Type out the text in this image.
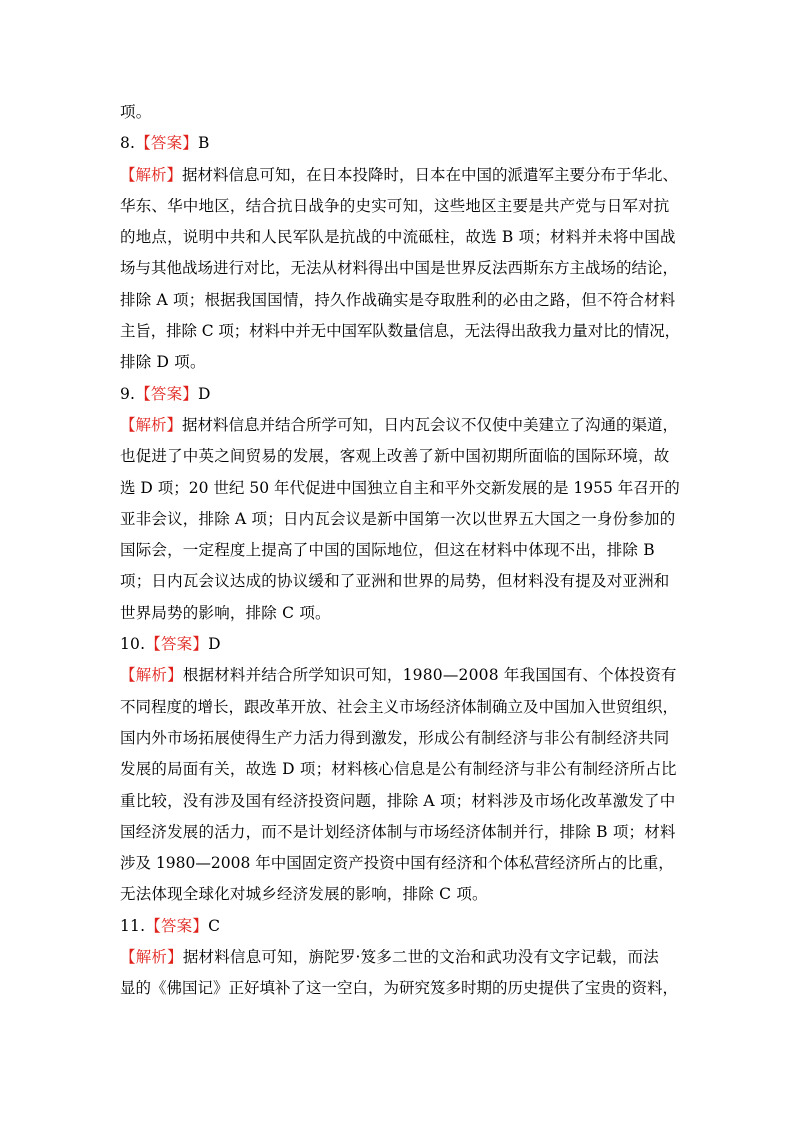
项。
8.【答案】B
【解析】据材料信息可知，在日本投降时，日本在中国的派遣军主要分布于华北、
华东、华中地区，结合抗日战争的史实可知，这些地区主要是共产党与日军对抗
的地点，说明中共和人民军队是抗战的中流砥柱，故选 B 项；材料并未将中国战
场与其他战场进行对比，无法从材料得出中国是世界反法西斯东方主战场的结论，
排除 A 项；根据我国国情，持久作战确实是夺取胜利的必由之路，但不符合材料
主旨，排除 C 项；材料中并无中国军队数量信息，无法得出敌我力量对比的情况，
排除 D 项。
9.【答案】D
【解析】据材料信息并结合所学可知，日内瓦会议不仅使中美建立了沟通的渠道，
也促进了中英之间贸易的发展，客观上改善了新中国初期所面临的国际环境，故
选 D 项；20 世纪 50 年代促进中国独立自主和平外交新发展的是 1955 年召开的
亚非会议，排除 A 项；日内瓦会议是新中国第一次以世界五大国之一身份参加的
国际会，一定程度上提高了中国的国际地位，但这在材料中体现不出，排除 B
项；日内瓦会议达成的协议缓和了亚洲和世界的局势，但材料没有提及对亚洲和
世界局势的影响，排除 C 项。
10.【答案】D
【解析】根据材料并结合所学知识可知，1980—2008 年我国国有、个体投资有
不同程度的增长，跟改革开放、社会主义市场经济体制确立及中国加入世贸组织，
国内外市场拓展使得生产力活力得到激发，形成公有制经济与非公有制经济共同
发展的局面有关，故选 D 项；材料核心信息是公有制经济与非公有制经济所占比
重比较，没有涉及国有经济投资问题，排除 A 项；材料涉及市场化改革激发了中
国经济发展的活力，而不是计划经济体制与市场经济体制并行，排除 B 项；材料
涉及 1980—2008 年中国固定资产投资中国有经济和个体私营经济所占的比重，
无法体现全球化对城乡经济发展的影响，排除 C 项。
11.【答案】C
【解析】据材料信息可知，旃陀罗·笈多二世的文治和武功没有文字记载，而法
显的《佛国记》正好填补了这一空白，为研究笈多时期的历史提供了宝贵的资料，
